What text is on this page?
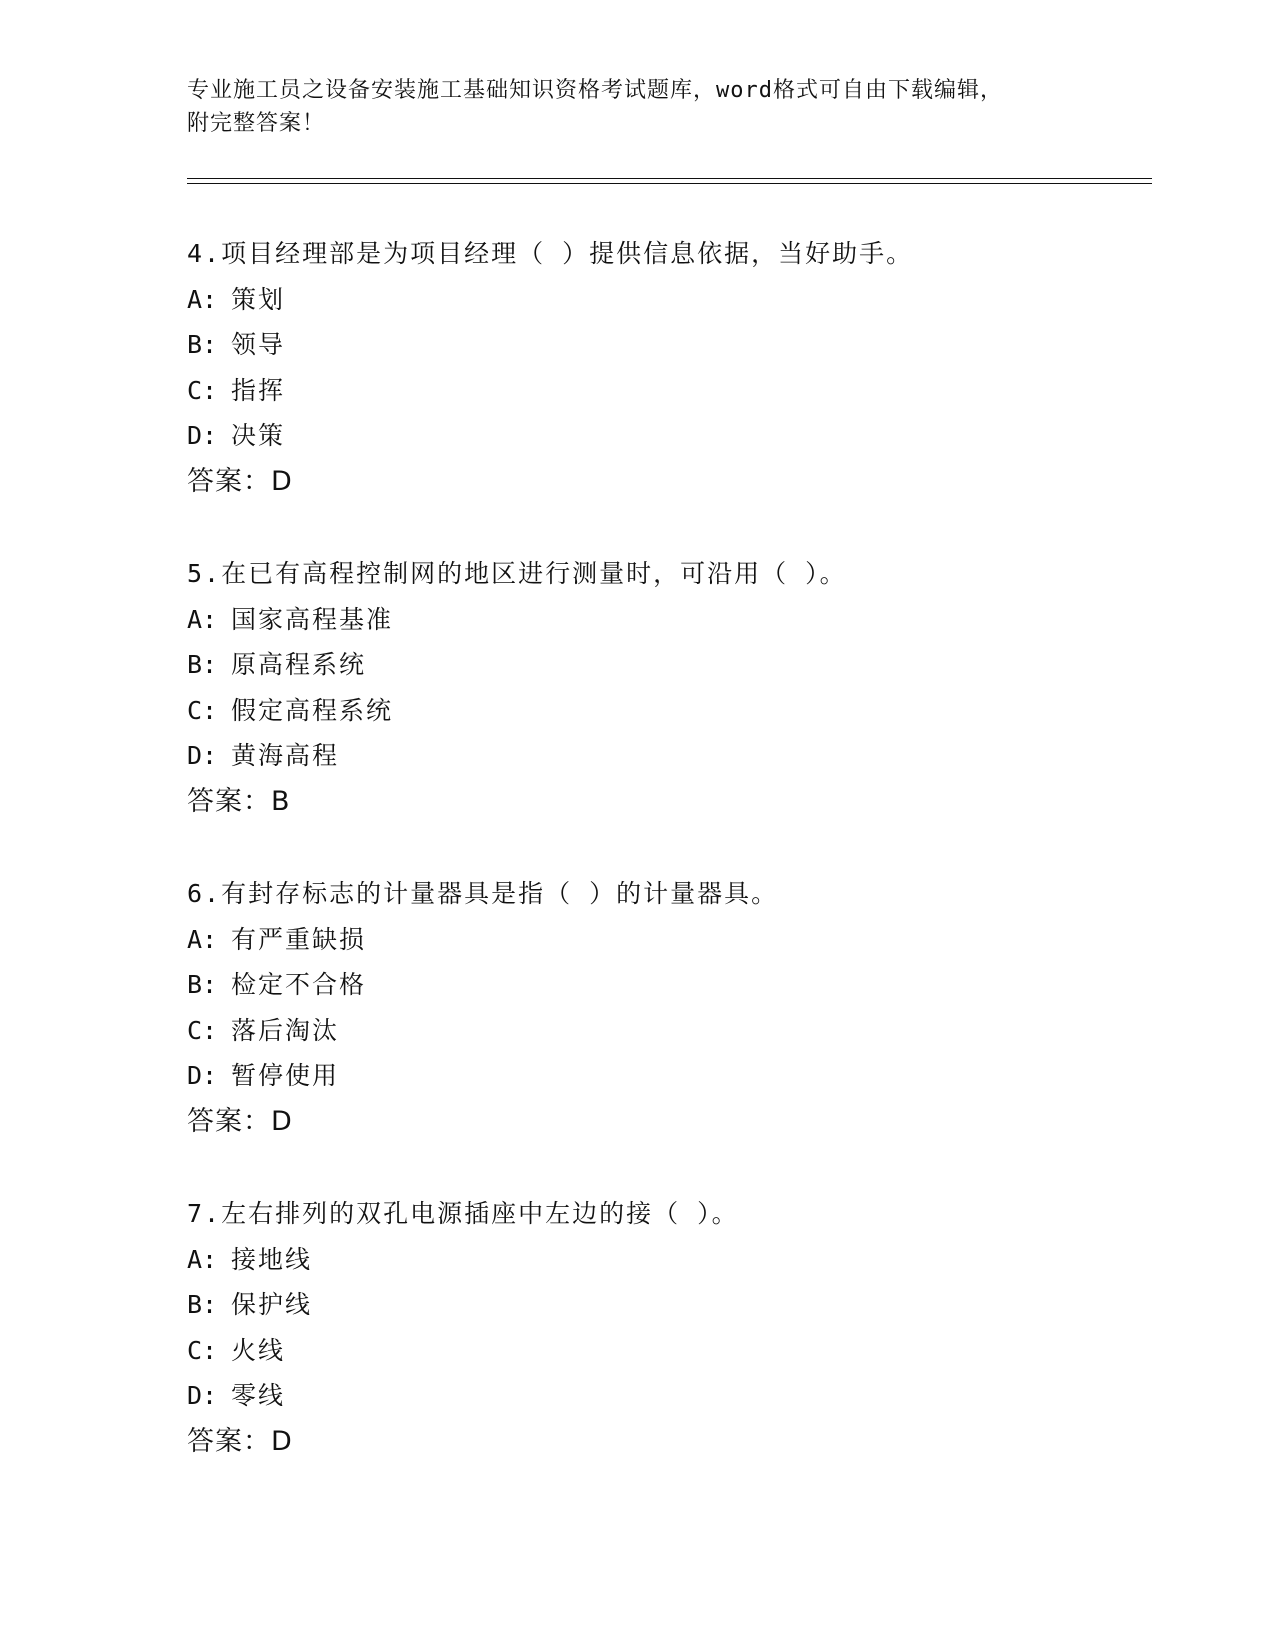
专业施工员之设备安装施工基础知识资格考试题库，word格式可自由下载编辑，
附完整答案！
4.项目经理部是为项目经理（ ）提供信息依据，当好助手。
A: 策划
B: 领导
C: 指挥
D: 决策
答案：D
5.在已有高程控制网的地区进行测量时，可沿用（ ）。
A: 国家高程基准
B: 原高程系统
C: 假定高程系统
D: 黄海高程
答案：B
6.有封存标志的计量器具是指（ ）的计量器具。
A: 有严重缺损
B: 检定不合格
C: 落后淘汰
D: 暂停使用
答案：D
7.左右排列的双孔电源插座中左边的接（ ）。
A: 接地线
B: 保护线
C: 火线
D: 零线
答案：D
